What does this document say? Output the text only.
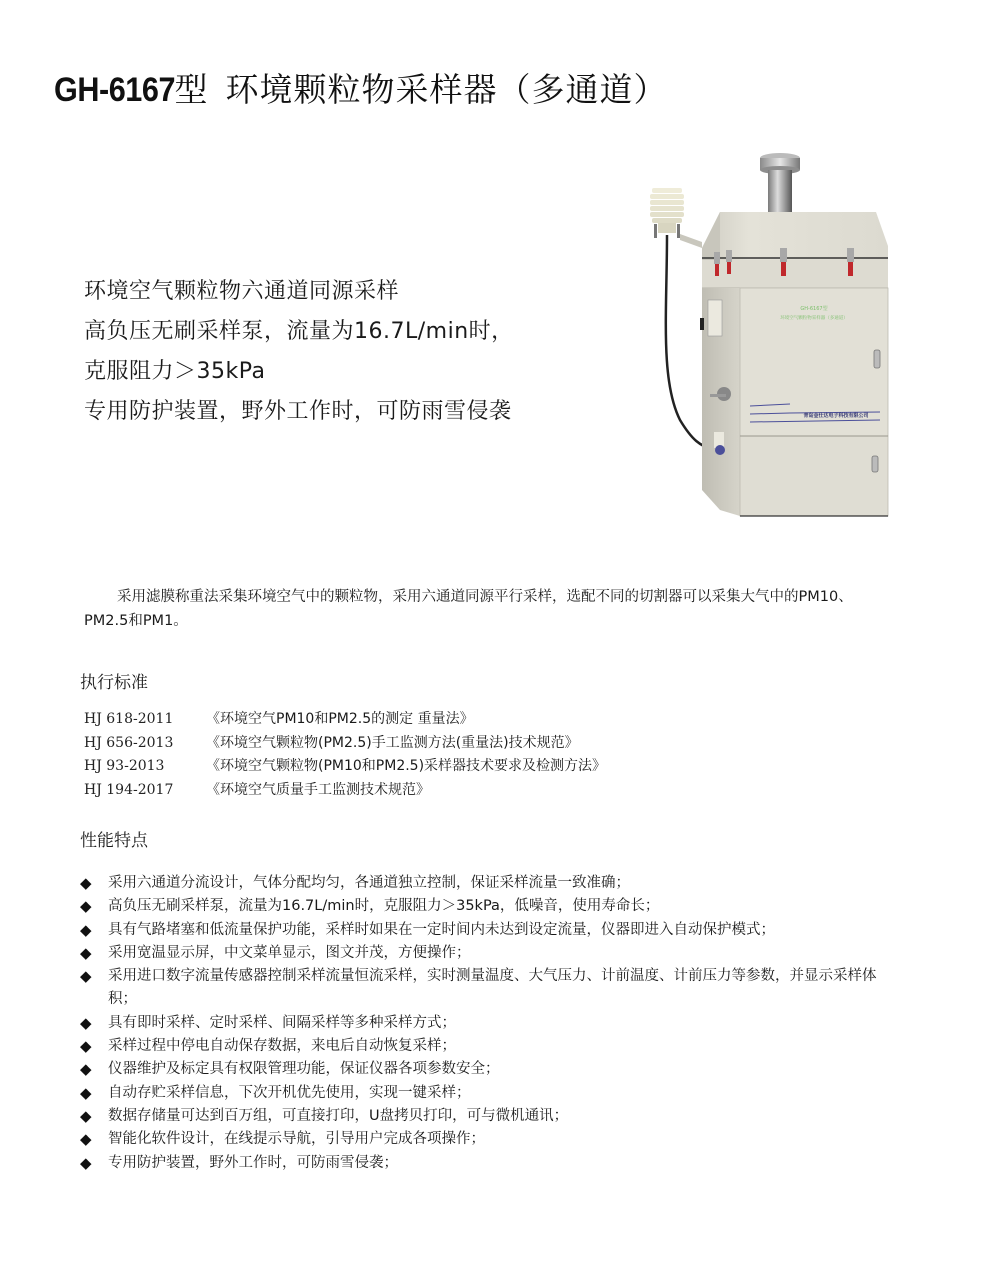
GH-6167型 环境颗粒物采样器（多通道）
环境空气颗粒物六通道同源采样
高负压无刷采样泵，流量为16.7L/min时，
克服阻力＞35kPa
专用防护装置，野外工作时，可防雨雪侵袭
GH-6167型
环境空气颗粒物采样器（多通道）
青岛金仕达电子科技有限公司
采用滤膜称重法采集环境空气中的颗粒物，采用六通道同源平行采样，选配不同的切割器可以采集大气中的PM10、PM2.5和PM1。
执行标准
HJ 618-2011	《环境空气PM10和PM2.5的测定 重量法》
HJ 656-2013	《环境空气颗粒物(PM2.5)手工监测方法(重量法)技术规范》
HJ 93-2013	《环境空气颗粒物(PM10和PM2.5)采样器技术要求及检测方法》
HJ 194-2017	《环境空气质量手工监测技术规范》
性能特点
◆	采用六通道分流设计，气体分配均匀，各通道独立控制，保证采样流量一致准确；
◆	高负压无刷采样泵，流量为16.7L/min时，克服阻力＞35kPa，低噪音，使用寿命长；
◆	具有气路堵塞和低流量保护功能，采样时如果在一定时间内未达到设定流量，仪器即进入自动保护模式；
◆	采用宽温显示屏，中文菜单显示，图文并茂，方便操作；
◆	采用进口数字流量传感器控制采样流量恒流采样，实时测量温度、大气压力、计前温度、计前压力等参数，并显示采样体积；
◆	具有即时采样、定时采样、间隔采样等多种采样方式；
◆	采样过程中停电自动保存数据，来电后自动恢复采样；
◆	仪器维护及标定具有权限管理功能，保证仪器各项参数安全；
◆	自动存贮采样信息，下次开机优先使用，实现一键采样；
◆	数据存储量可达到百万组，可直接打印，U盘拷贝打印，可与微机通讯；
◆	智能化软件设计，在线提示导航，引导用户完成各项操作；
◆	专用防护装置，野外工作时，可防雨雪侵袭；
